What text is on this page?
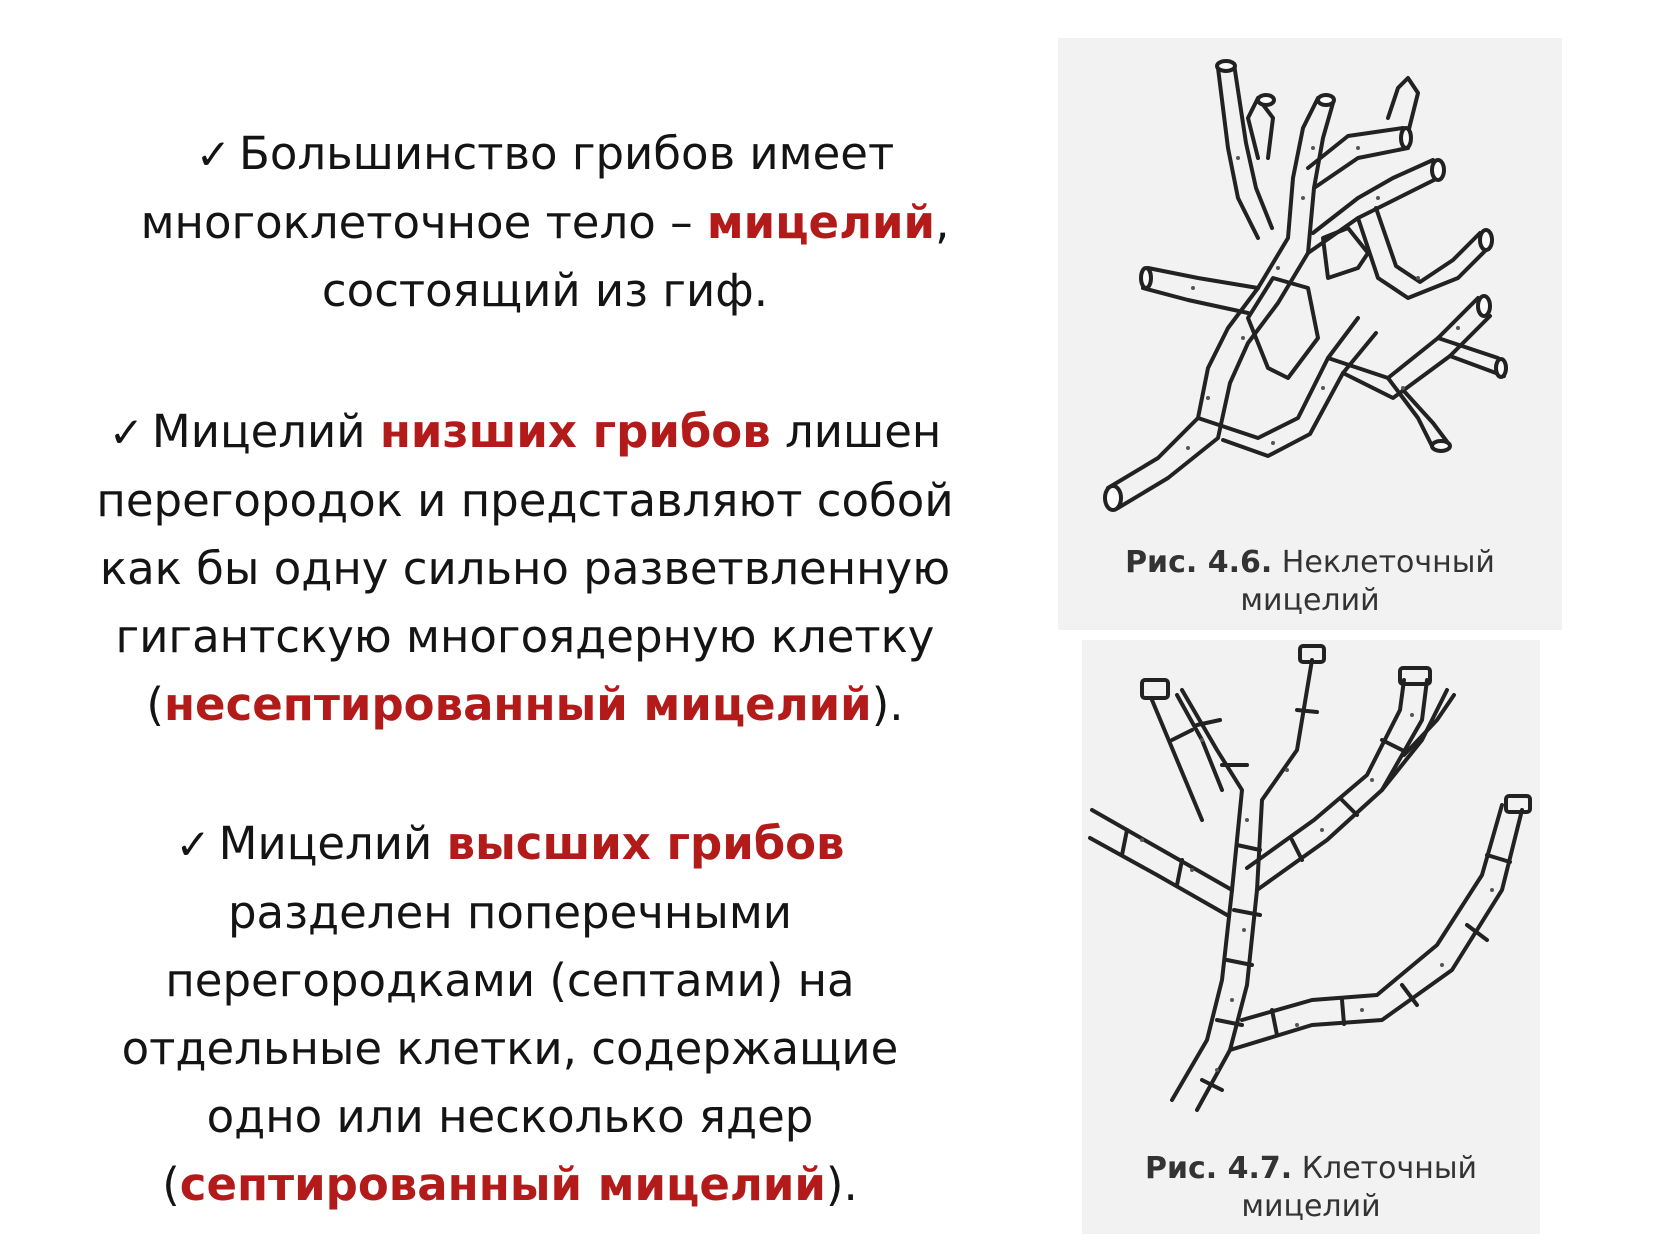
✓ Большинство грибов имеет многоклеточное тело – мицелий, состоящий из гиф.

✓ Мицелий низших грибов лишен перегородок и представляют собой как бы одну сильно разветвленную гигантскую многоядерную клетку (несептированный мицелий).

✓ Мицелий высших грибов разделен поперечными перегородками (септами) на отдельные клетки, содержащие одно или несколько ядер (септированный мицелий).

Рис. 4.6. Неклеточный
мицелий
Рис. 4.7. Клеточный
мицелий
